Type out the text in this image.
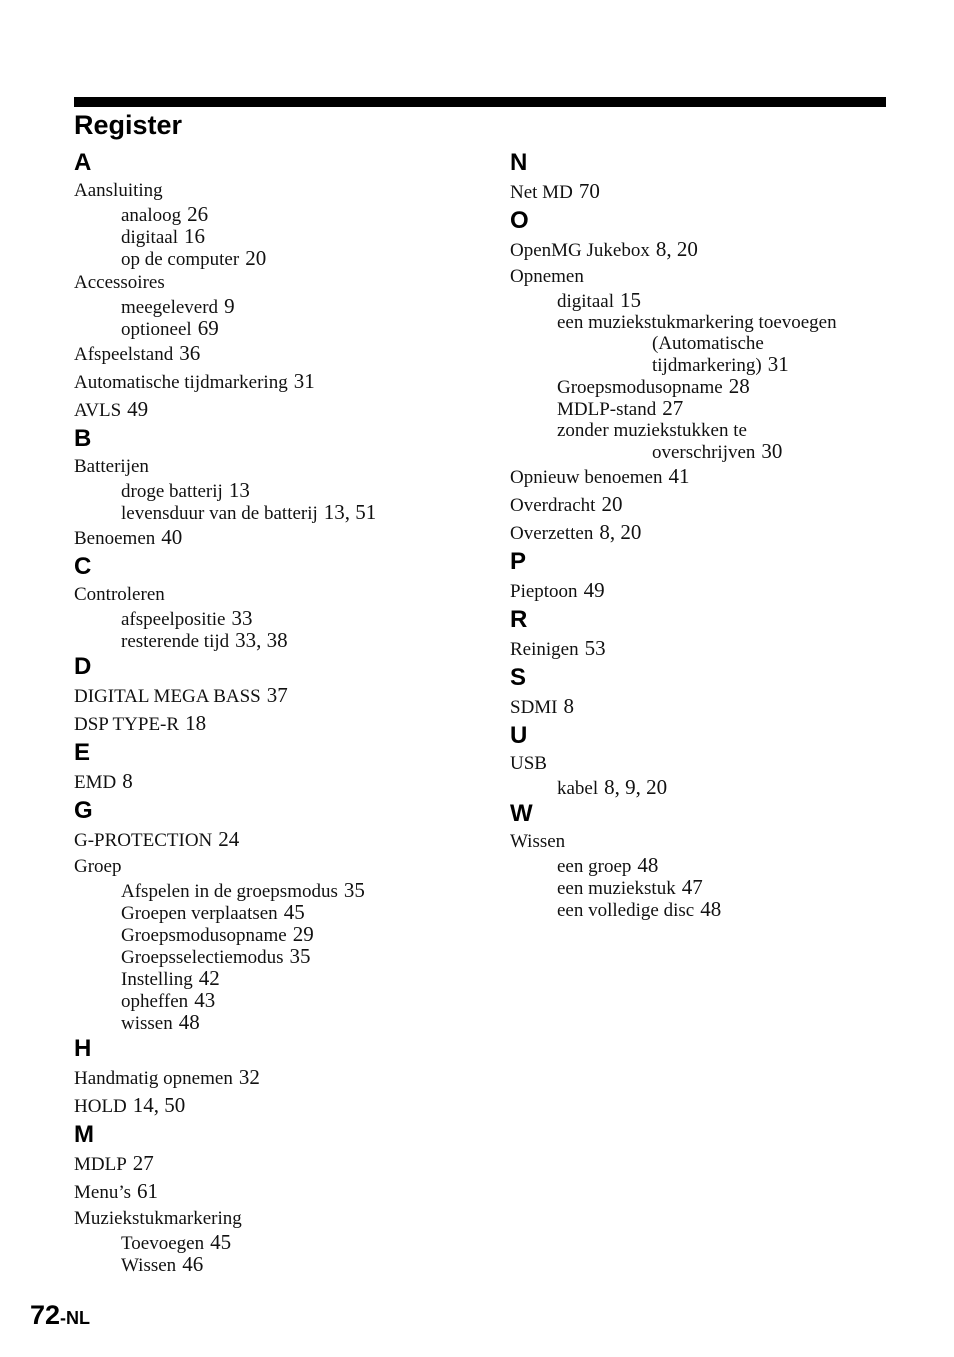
Register
A
Aansluiting
analoog 26
digitaal 16
op de computer 20
Accessoires
meegeleverd 9
optioneel 69
Afspeelstand 36
Automatische tijdmarkering 31
AVLS 49
B
Batterijen
droge batterij 13
levensduur van de batterij 13, 51
Benoemen 40
C
Controleren
afspeelpositie 33
resterende tijd 33, 38
D
DIGITAL MEGA BASS 37
DSP TYPE-R 18
E
EMD 8
G
G-PROTECTION 24
Groep
Afspelen in de groepsmodus 35
Groepen verplaatsen 45
Groepsmodusopname 29
Groepsselectiemodus 35
Instelling 42
opheffen 43
wissen 48
H
Handmatig opnemen 32
HOLD 14, 50
M
MDLP 27
Menu’s 61
Muziekstukmarkering
Toevoegen 45
Wissen 46
N
Net MD 70
O
OpenMG Jukebox 8, 20
Opnemen
digitaal 15
een muziekstukmarkering toevoegen
(Automatische
tijdmarkering) 31
Groepsmodusopname 28
MDLP-stand 27
zonder muziekstukken te
overschrijven 30
Opnieuw benoemen 41
Overdracht 20
Overzetten 8, 20
P
Pieptoon 49
R
Reinigen 53
S
SDMI 8
U
USB
kabel 8, 9, 20
W
Wissen
een groep 48
een muziekstuk 47
een volledige disc 48
72-NL
